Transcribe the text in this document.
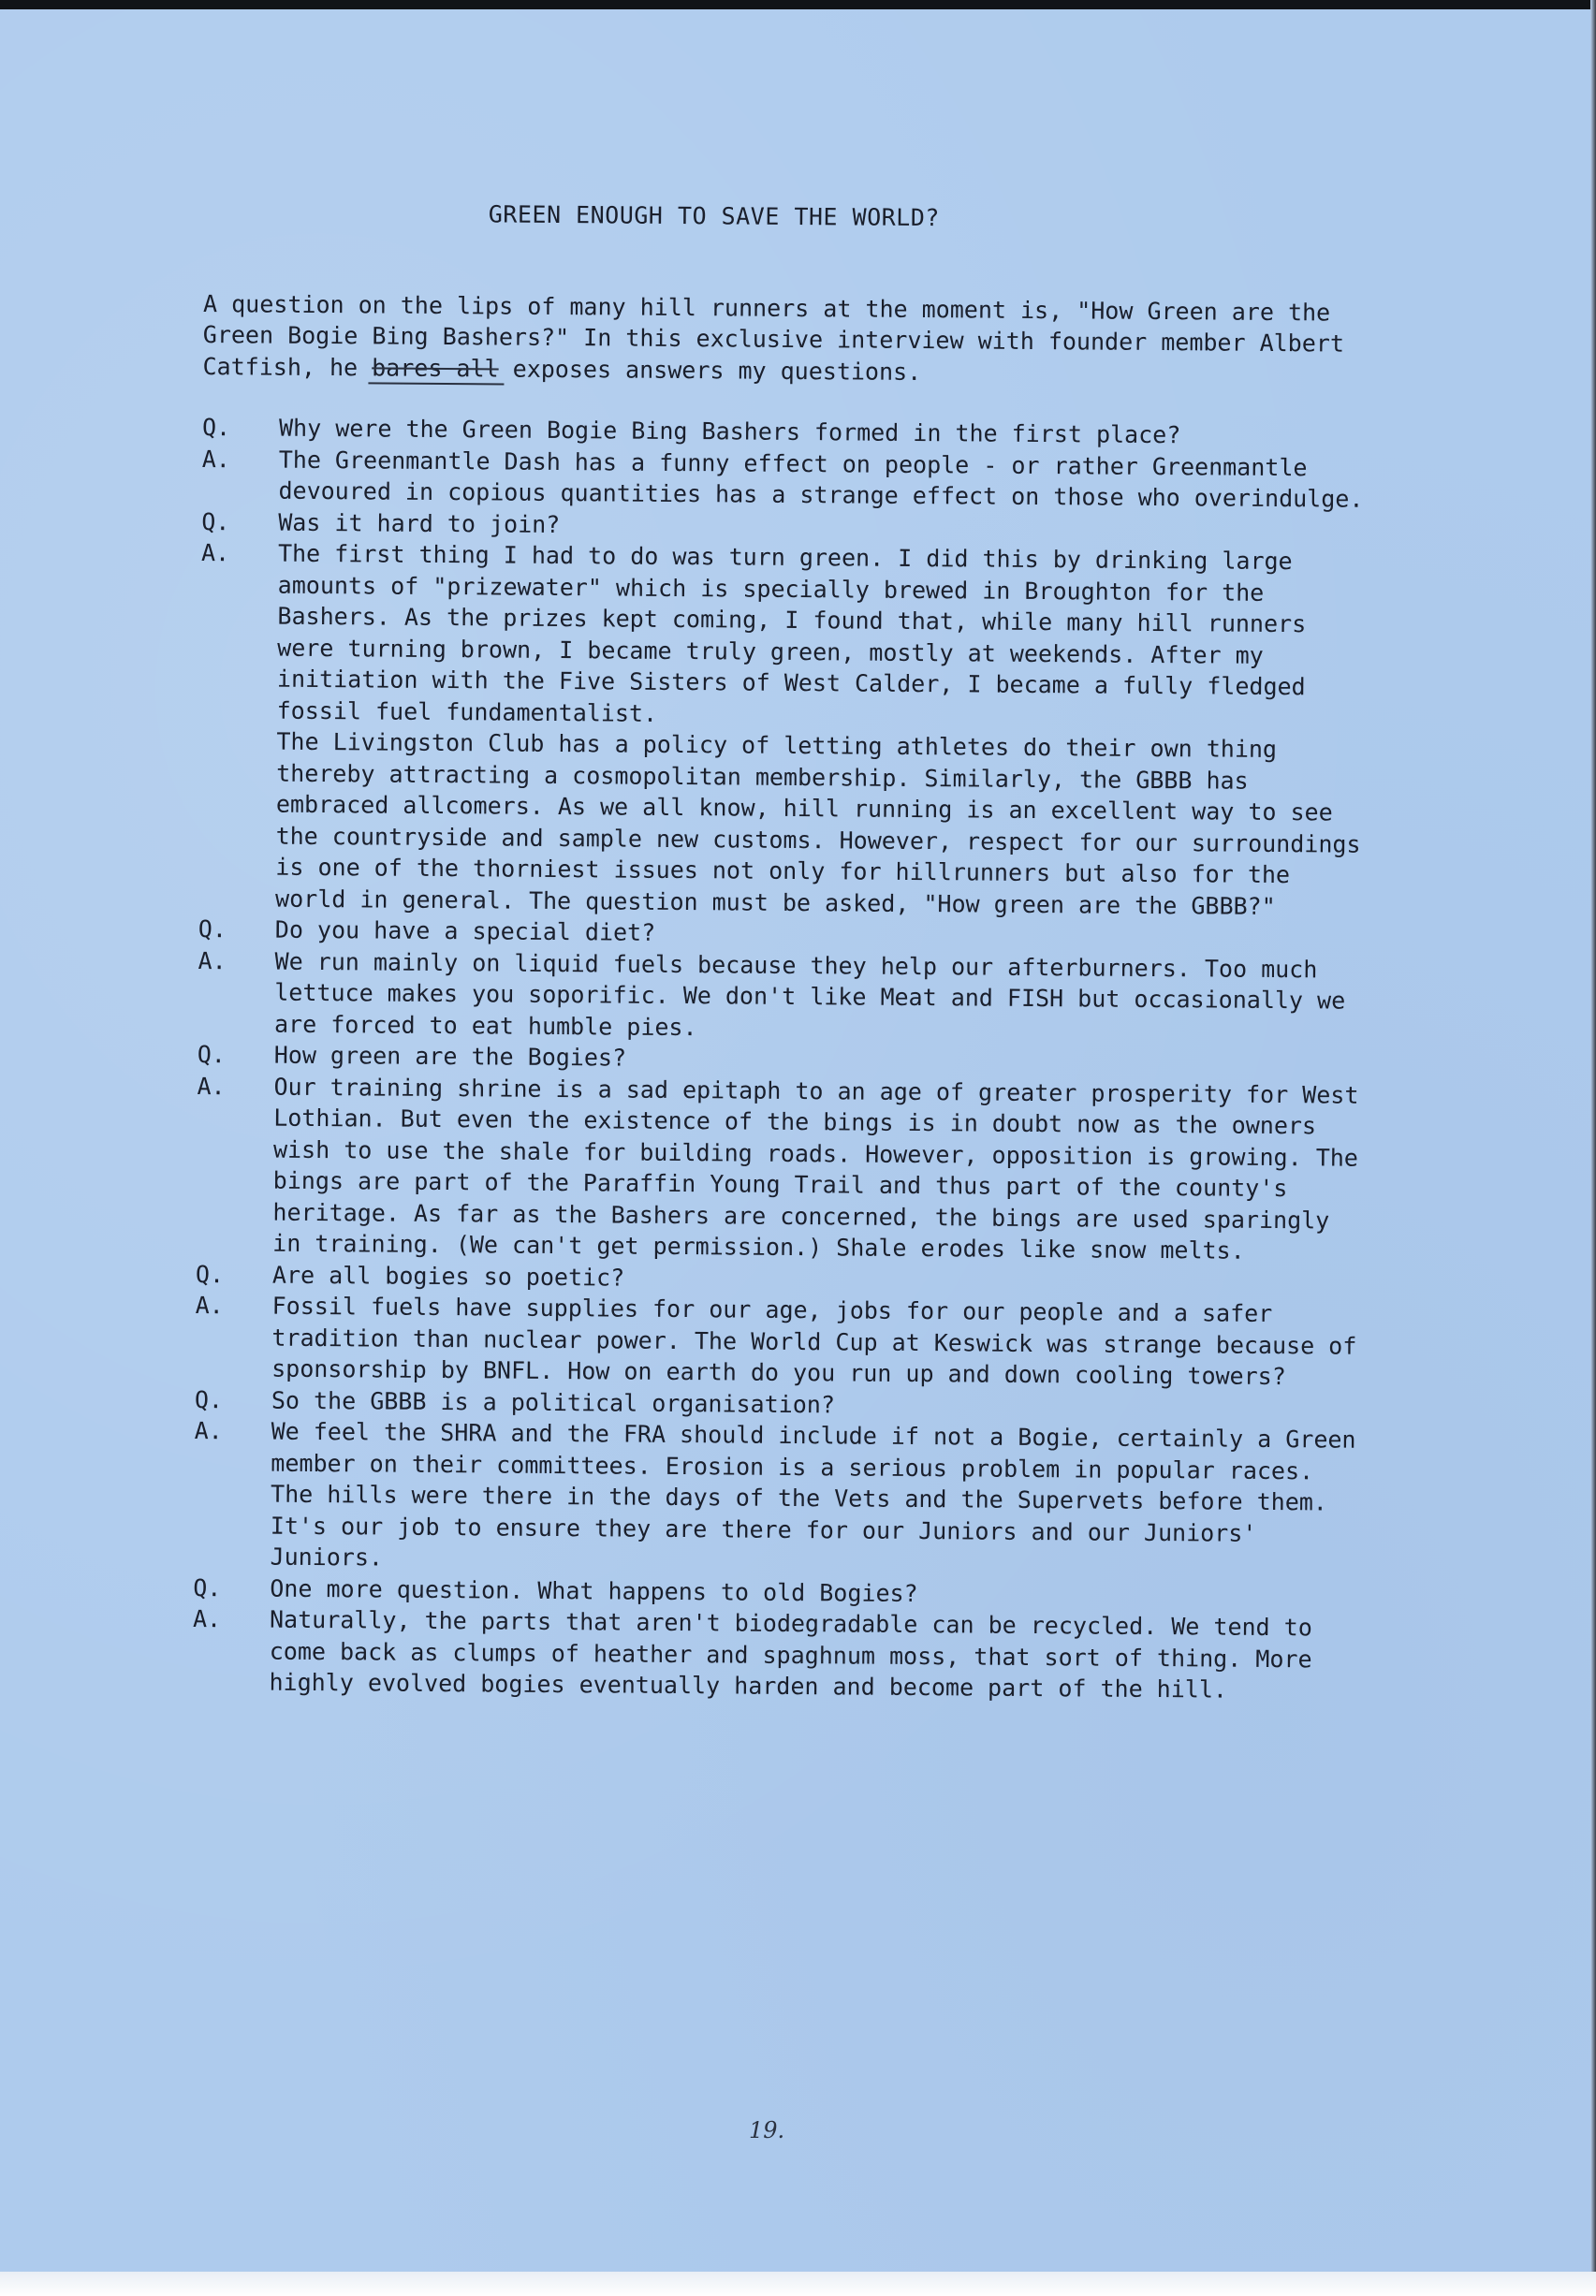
GREEN ENOUGH TO SAVE THE WORLD?

A question on the lips of many hill runners at the moment is, "How Green are the Green Bogie Bing Bashers?" In this exclusive interview with founder member Albert Catfish, he bares all exposes answers my questions.

Q.	Why were the Green Bogie Bing Bashers formed in the first place?

A.	The Greenmantle Dash has a funny effect on people - or rather Greenmantle devoured in copious quantities has a strange effect on those who overindulge.

Q.	Was it hard to join?

A.	The first thing I had to do was turn green. I did this by drinking large amounts of "prizewater" which is specially brewed in Broughton for the Bashers. As the prizes kept coming, I found that, while many hill runners were turning brown, I became truly green, mostly at weekends. After my initiation with the Five Sisters of West Calder, I became a fully fledged fossil fuel fundamentalist.

The Livingston Club has a policy of letting athletes do their own thing thereby attracting a cosmopolitan membership. Similarly, the GBBB has embraced allcomers. As we all know, hill running is an excellent way to see the countryside and sample new customs. However, respect for our surroundings is one of the thorniest issues not only for hillrunners but also for the world in general. The question must be asked, "How green are the GBBB?"

Q.	Do you have a special diet?

A.	We run mainly on liquid fuels because they help our afterburners. Too much lettuce makes you soporific. We don't like Meat and FISH but occasionally we are forced to eat humble pies.

Q.	How green are the Bogies?

A.	Our training shrine is a sad epitaph to an age of greater prosperity for West Lothian. But even the existence of the bings is in doubt now as the owners wish to use the shale for building roads. However, opposition is growing. The bings are part of the Paraffin Young Trail and thus part of the county's heritage. As far as the Bashers are concerned, the bings are used sparingly in training. (We can't get permission.) Shale erodes like snow melts.

Q.	Are all bogies so poetic?

A.	Fossil fuels have supplies for our age, jobs for our people and a safer tradition than nuclear power. The World Cup at Keswick was strange because of sponsorship by BNFL. How on earth do you run up and down cooling towers?

Q.	So the GBBB is a political organisation?

A.	We feel the SHRA and the FRA should include if not a Bogie, certainly a Green member on their committees. Erosion is a serious problem in popular races. The hills were there in the days of the Vets and the Supervets before them. It's our job to ensure they are there for our Juniors and our Juniors' Juniors.

Q.	One more question. What happens to old Bogies?

A.	Naturally, the parts that aren't biodegradable can be recycled. We tend to come back as clumps of heather and spaghnum moss, that sort of thing. More highly evolved bogies eventually harden and become part of the hill.

19.
